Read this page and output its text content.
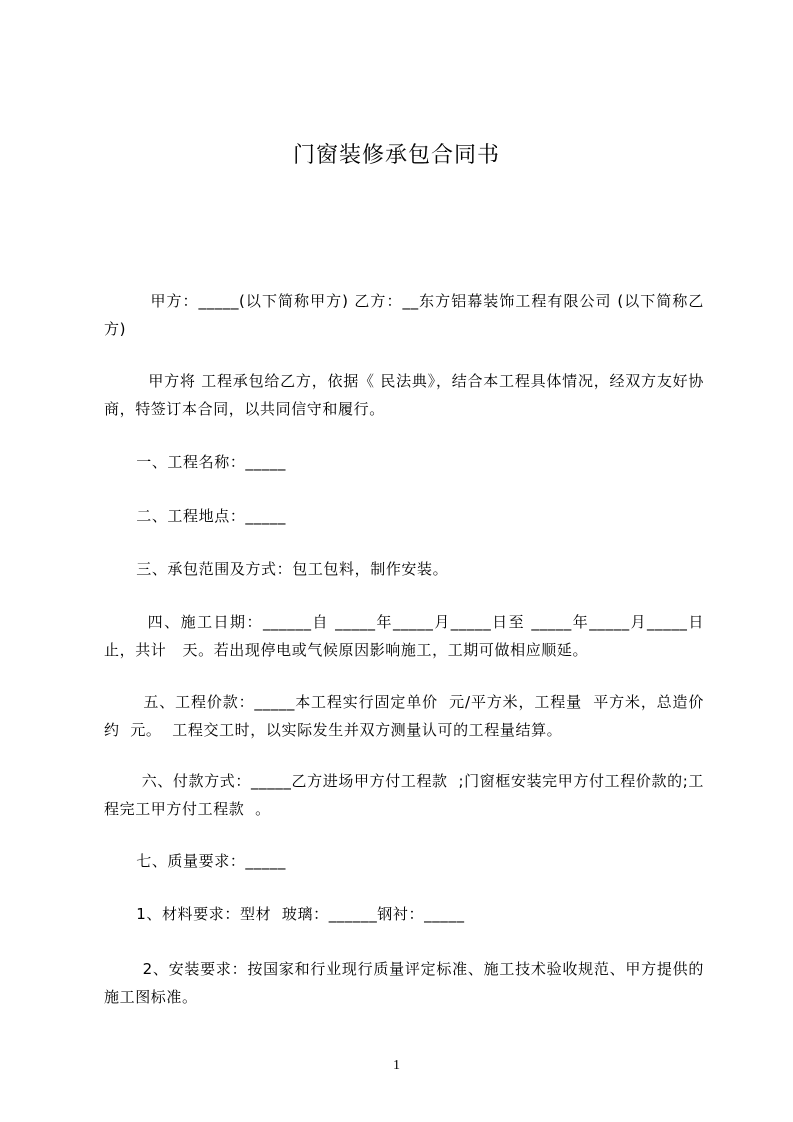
门窗装修承包合同书

甲方：_____(以下简称甲方) 乙方：__东方铝幕装饰工程有限公司 (以下简称乙方)

甲方将 工程承包给乙方，依据《 民法典》，结合本工程具体情况，经双方友好协商，特签订本合同，以共同信守和履行。

一、工程名称：_____

二、工程地点：_____

三、承包范围及方式：包工包料，制作安装。

四、施工日期：______自 _____年_____月_____日至 _____年_____月_____日止，共计   天。若出现停电或气候原因影响施工，工期可做相应顺延。

五、工程价款：_____本工程实行固定单价  元/平方米，工程量  平方米，总造价约  元。  工程交工时，以实际发生并双方测量认可的工程量结算。

六、付款方式：_____乙方进场甲方付工程款  ;门窗框安装完甲方付工程价款的;工程完工甲方付工程款  。

七、质量要求：_____

1、材料要求：型材  玻璃：______钢衬：_____

2、安装要求：按国家和行业现行质量评定标准、施工技术验收规范、甲方提供的施工图标准。

1
